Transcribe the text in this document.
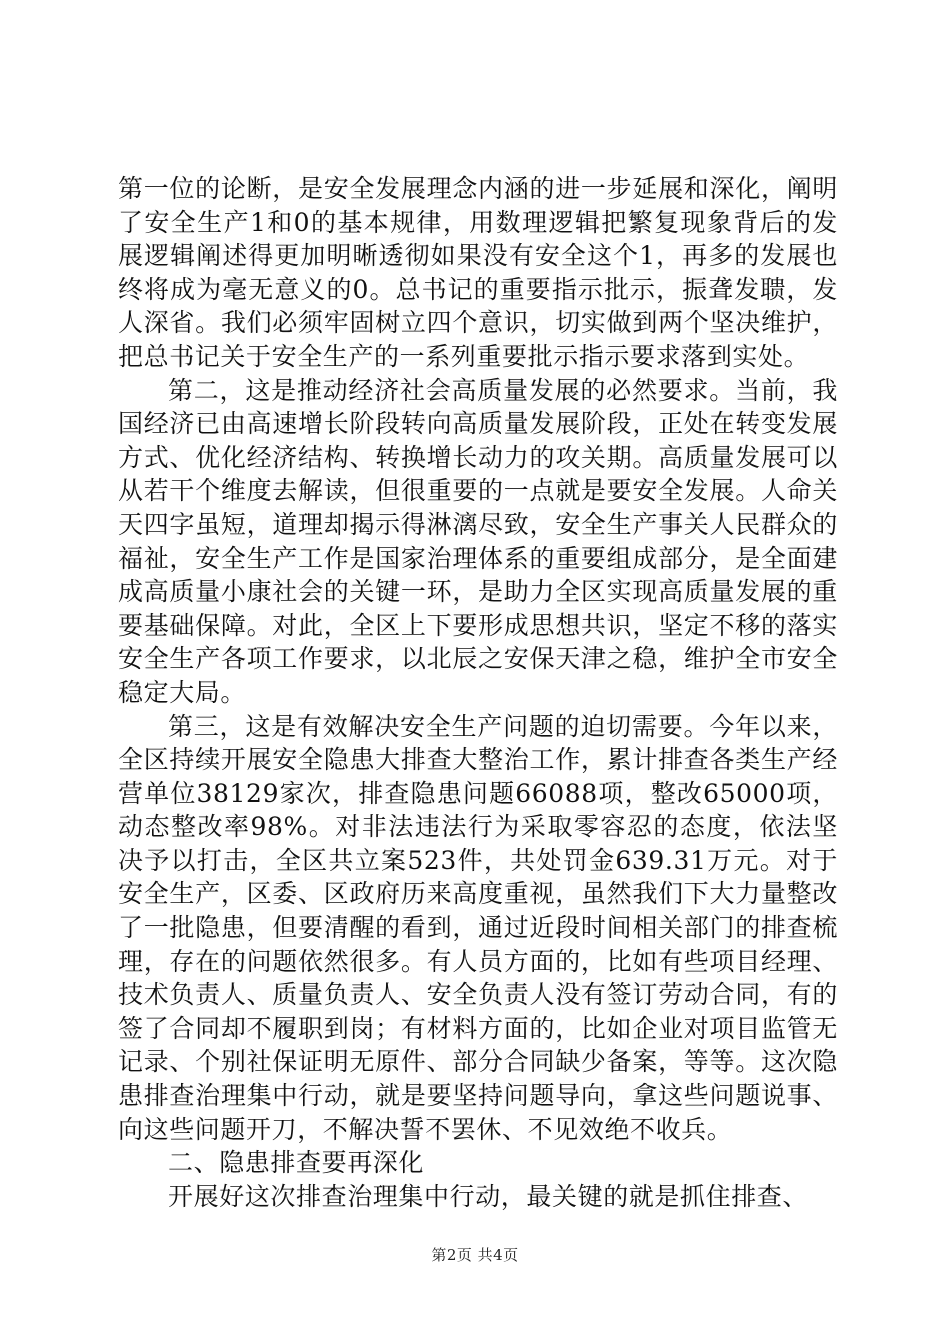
第一位的论断，是安全发展理念内涵的进一步延展和深化，阐明了安全生产1和0的基本规律，用数理逻辑把繁复现象背后的发展逻辑阐述得更加明晰透彻如果没有安全这个1，再多的发展也终将成为毫无意义的0。总书记的重要指示批示，振聋发聩，发人深省。我们必须牢固树立四个意识，切实做到两个坚决维护，把总书记关于安全生产的一系列重要批示指示要求落到实处。

第二，这是推动经济社会高质量发展的必然要求。当前，我国经济已由高速增长阶段转向高质量发展阶段，正处在转变发展方式、优化经济结构、转换增长动力的攻关期。高质量发展可以从若干个维度去解读，但很重要的一点就是要安全发展。人命关天四字虽短，道理却揭示得淋漓尽致，安全生产事关人民群众的福祉，安全生产工作是国家治理体系的重要组成部分，是全面建成高质量小康社会的关键一环，是助力全区实现高质量发展的重要基础保障。对此，全区上下要形成思想共识，坚定不移的落实安全生产各项工作要求，以北辰之安保天津之稳，维护全市安全稳定大局。

第三，这是有效解决安全生产问题的迫切需要。今年以来，全区持续开展安全隐患大排查大整治工作，累计排查各类生产经营单位38129家次，排查隐患问题66088项，整改65000项，动态整改率98%。对非法违法行为采取零容忍的态度，依法坚决予以打击，全区共立案523件，共处罚金639.31万元。对于安全生产，区委、区政府历来高度重视，虽然我们下大力量整改了一批隐患，但要清醒的看到，通过近段时间相关部门的排查梳理，存在的问题依然很多。有人员方面的，比如有些项目经理、技术负责人、质量负责人、安全负责人没有签订劳动合同，有的签了合同却不履职到岗；有材料方面的，比如企业对项目监管无记录、个别社保证明无原件、部分合同缺少备案，等等。这次隐患排查治理集中行动，就是要坚持问题导向，拿这些问题说事、向这些问题开刀，不解决誓不罢休、不见效绝不收兵。

二、隐患排查要再深化

开展好这次排查治理集中行动，最关键的就是抓住排查、

第2页 共4页
